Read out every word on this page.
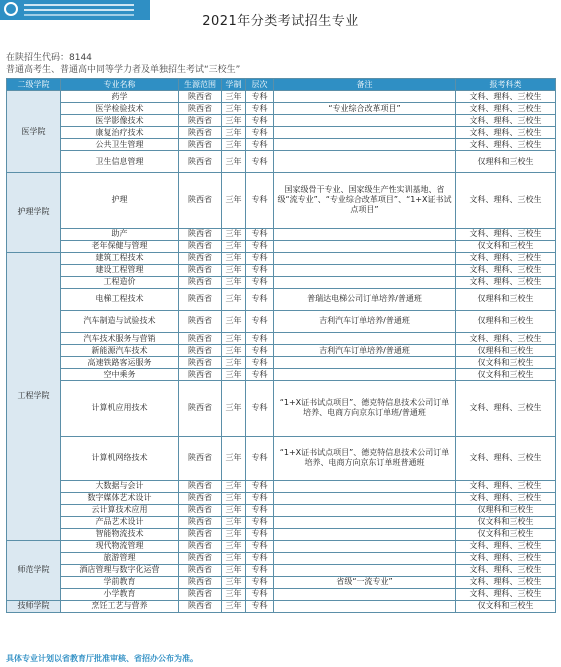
2021年分类考试招生专业
在陕招生代码：8144
普通高考生、普通高中同等学力者及单独招生考试“三校生”
二级学院	专业名称	生源范围	学制	层次	备注	报考科类
医学院	药学	陕西省	三年	专科		文科、理科、三校生
	医学检验技术	陕西省	三年	专科	“专业综合改革项目”	文科、理科、三校生
	医学影像技术	陕西省	三年	专科		文科、理科、三校生
	康复治疗技术	陕西省	三年	专科		文科、理科、三校生
	公共卫生管理	陕西省	三年	专科		文科、理科、三校生
	卫生信息管理	陕西省	三年	专科		仅理科和三校生
护理学院	护理	陕西省	三年	专科	国家级骨干专业、国家级生产性实训基地、省级“流专业”、“专业综合改革项目”、“1+X证书试点项目”	文科、理科、三校生
	助产	陕西省	三年	专科		文科、理科、三校生
	老年保健与管理	陕西省	三年	专科		仅文科和三校生
工程学院	建筑工程技术	陕西省	三年	专科		文科、理科、三校生
	建设工程管理	陕西省	三年	专科		文科、理科、三校生
	工程造价	陕西省	三年	专科		文科、理科、三校生
	电梯工程技术	陕西省	三年	专科	普瑞达电梯公司订单培养/普通班	仅理科和三校生
	汽车制造与试验技术	陕西省	三年	专科	吉利汽车订单培养/普通班	仅理科和三校生
	汽车技术服务与营销	陕西省	三年	专科		文科、理科、三校生
	新能源汽车技术	陕西省	三年	专科	吉利汽车订单培养/普通班	仅理科和三校生
	高速铁路客运服务	陕西省	三年	专科		仅文科和三校生
	空中乘务	陕西省	三年	专科		仅文科和三校生
	计算机应用技术	陕西省	三年	专科	“1+X证书试点项目”、德克特信息技术公司订单培养、电商方向京东订单班/普通班	文科、理科、三校生
	计算机网络技术	陕西省	三年	专科	“1+X证书试点项目”、德克特信息技术公司订单培养、电商方向京东订单班普通班	文科、理科、三校生
	大数据与会计	陕西省	三年	专科		文科、理科、三校生
	数字媒体艺术设计	陕西省	三年	专科		文科、理科、三校生
	云计算技术应用	陕西省	三年	专科		仅理科和三校生
	产品艺术设计	陕西省	三年	专科		仅文科和三校生
	智能物流技术	陕西省	三年	专科		仅文科和三校生
师范学院	现代物流管理	陕西省	三年	专科		文科、理科、三校生
	旅游管理	陕西省	三年	专科		文科、理科、三校生
	酒店管理与数字化运营	陕西省	三年	专科		文科、理科、三校生
	学前教育	陕西省	三年	专科	省级“一流专业”	文科、理科、三校生
	小学教育	陕西省	三年	专科		文科、理科、三校生
技师学院	烹饪工艺与营养	陕西省	三年	专科		仅文科和三校生
具体专业计划以省教育厅批准审核、省招办公布为准。
